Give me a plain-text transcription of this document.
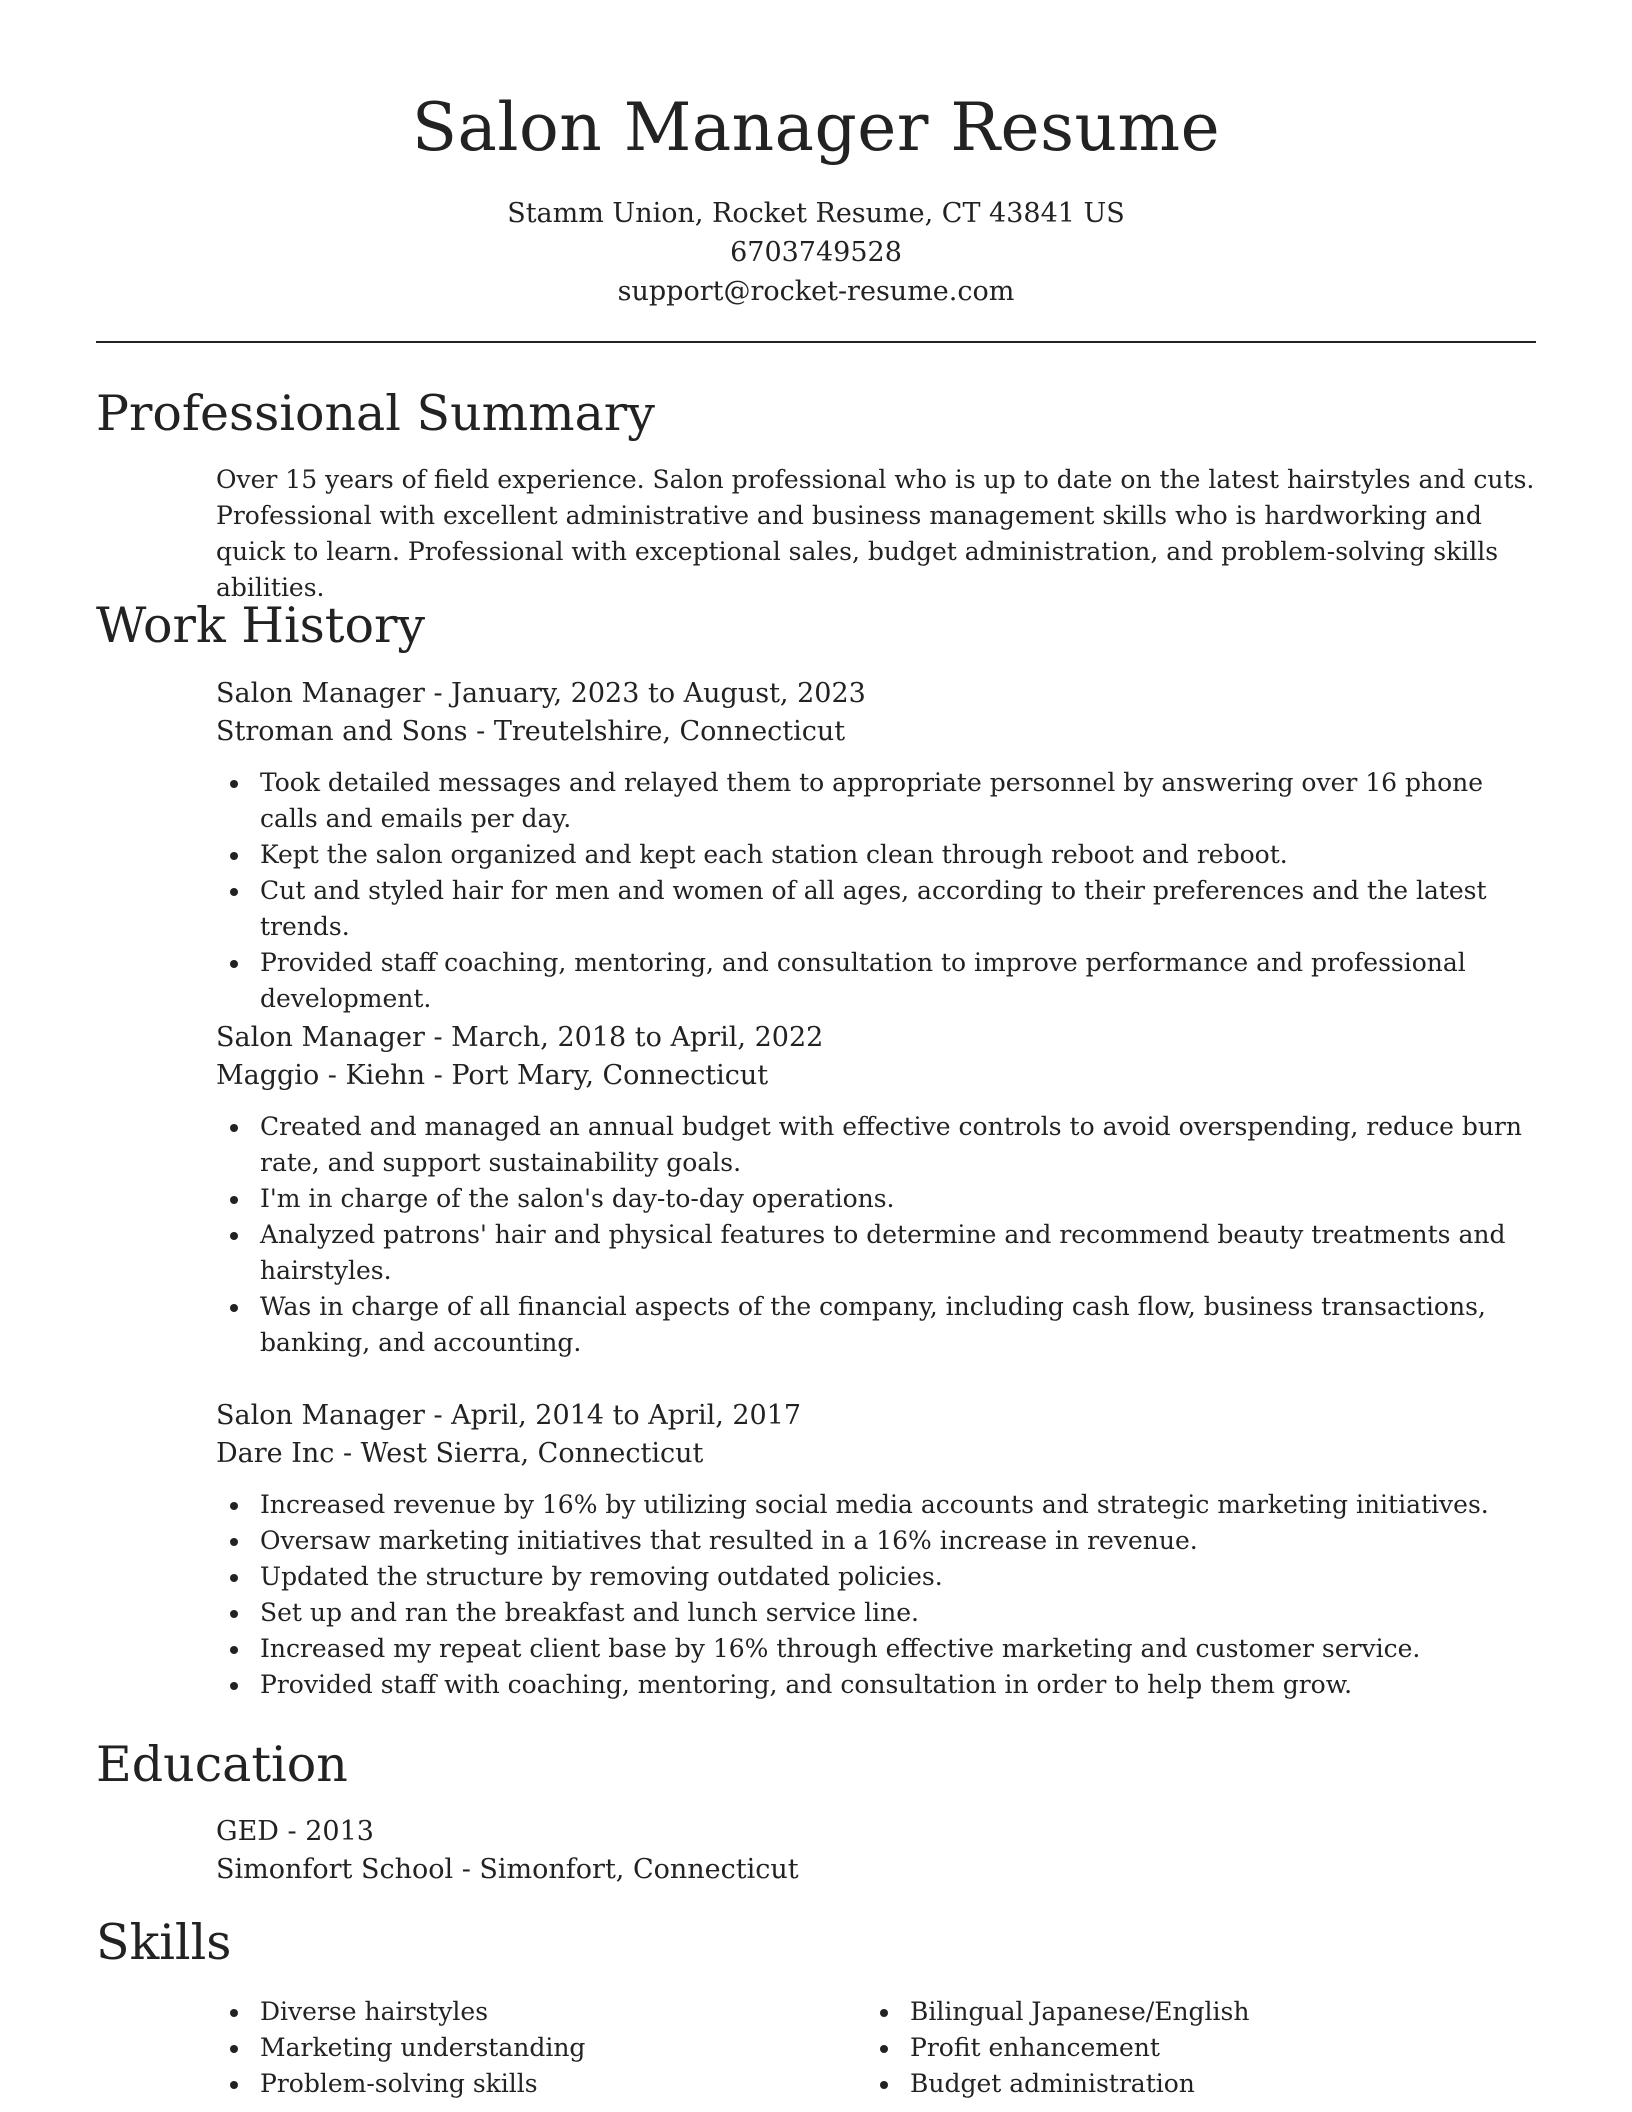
Salon Manager Resume
Stamm Union, Rocket Resume, CT 43841 US
6703749528
support@rocket-resume.com
Professional Summary

Over 15 years of field experience. Salon professional who is up to date on the latest hairstyles and cuts. Professional with excellent administrative and business management skills who is hardworking and quick to learn. Professional with exceptional sales, budget administration, and problem-solving skills abilities.

Work History
Salon Manager - January, 2023 to August, 2023
Stroman and Sons - Treutelshire, Connecticut
Took detailed messages and relayed them to appropriate personnel by answering over 16 phone calls and emails per day.
Kept the salon organized and kept each station clean through reboot and reboot.
Cut and styled hair for men and women of all ages, according to their preferences and the latest trends.
Provided staff coaching, mentoring, and consultation to improve performance and professional development.
Salon Manager - March, 2018 to April, 2022
Maggio - Kiehn - Port Mary, Connecticut
Created and managed an annual budget with effective controls to avoid overspending, reduce burn rate, and support sustainability goals.
I'm in charge of the salon's day-to-day operations.
Analyzed patrons' hair and physical features to determine and recommend beauty treatments and hairstyles.
Was in charge of all financial aspects of the company, including cash flow, business transactions, banking, and accounting.
Salon Manager - April, 2014 to April, 2017
Dare Inc - West Sierra, Connecticut
Increased revenue by 16% by utilizing social media accounts and strategic marketing initiatives.
Oversaw marketing initiatives that resulted in a 16% increase in revenue.
Updated the structure by removing outdated policies.
Set up and ran the breakfast and lunch service line.
Increased my repeat client base by 16% through effective marketing and customer service.
Provided staff with coaching, mentoring, and consultation in order to help them grow.
Education
GED - 2013
Simonfort School - Simonfort, Connecticut
Skills
Diverse hairstyles
Marketing understanding
Problem-solving skills
Bilingual Japanese/English
Profit enhancement
Budget administration
